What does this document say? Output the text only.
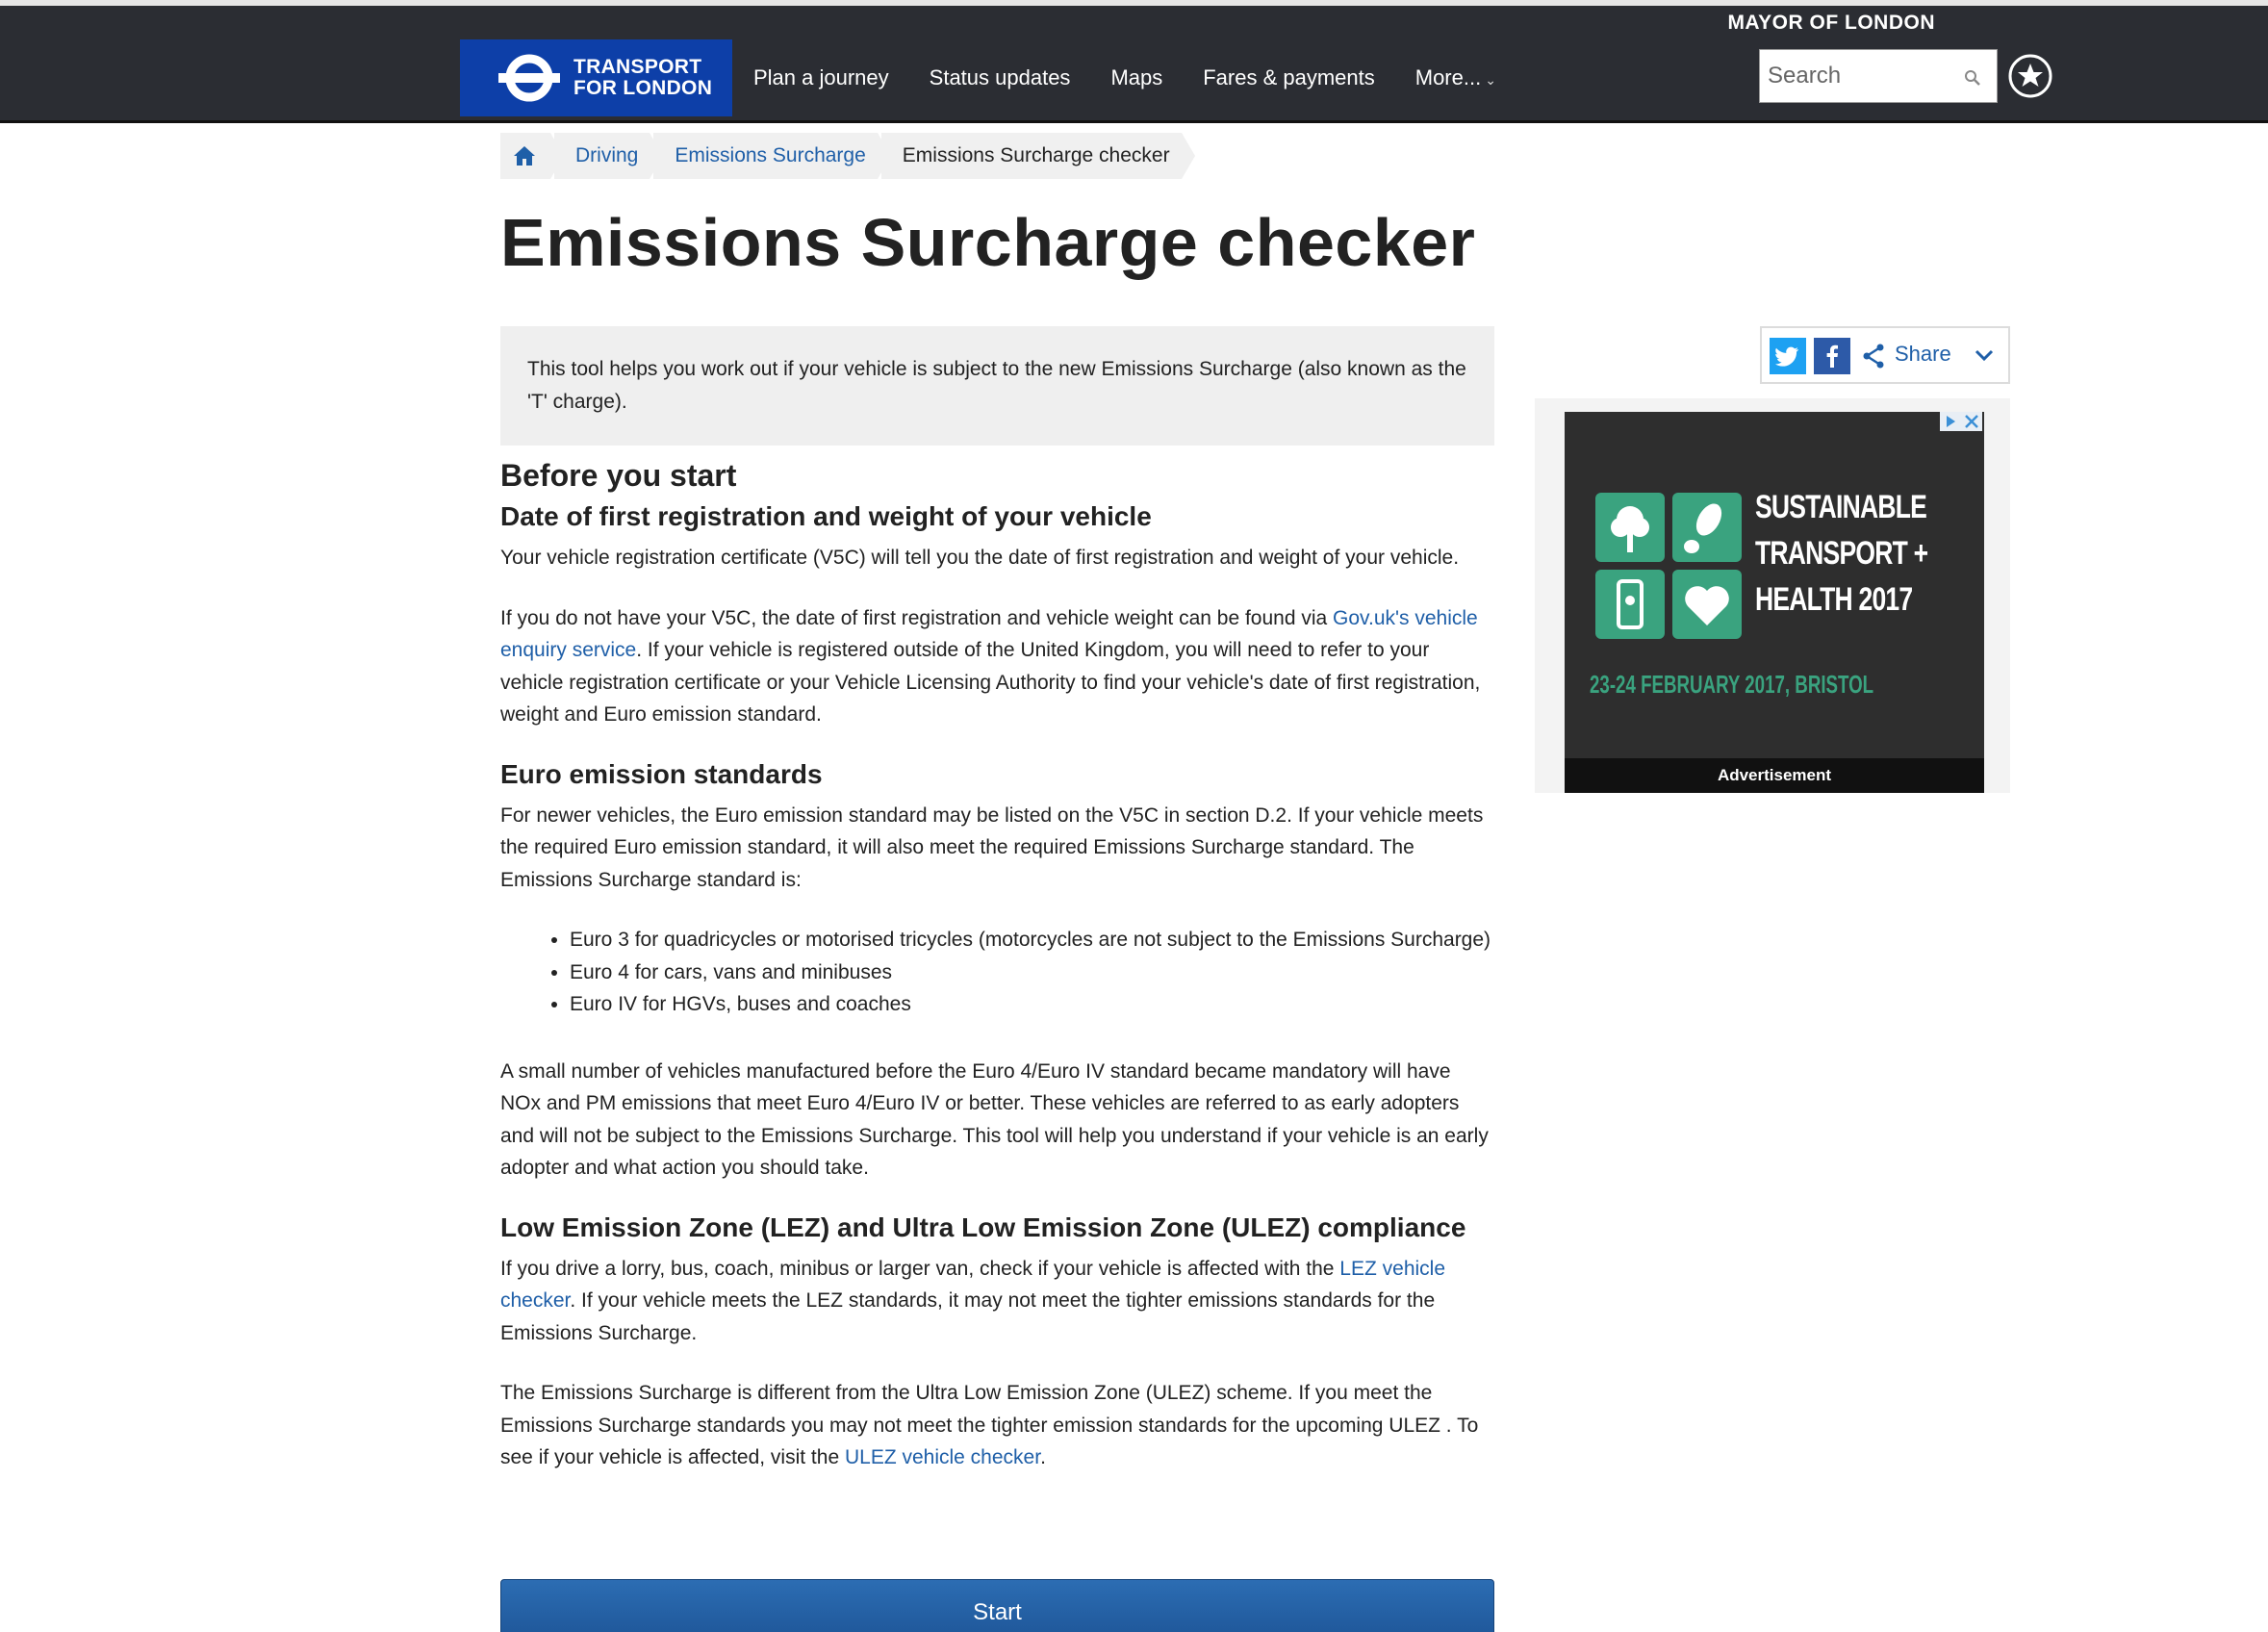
MAYOR OF LONDON
TRANSPORT
FOR LONDON Plan a journey Status updates Maps Fares & payments More... ⌄
Search
Driving	Emissions Surcharge	Emissions Surcharge checker
Emissions Surcharge checker
This tool helps you work out if your vehicle is subject to the new Emissions Surcharge (also known as the 'T' charge).
Before you start
Date of first registration and weight of your vehicle

Your vehicle registration certificate (V5C) will tell you the date of first registration and weight of your vehicle.

If you do not have your V5C, the date of first registration and vehicle weight can be found via Gov.uk's vehicle enquiry service. If your vehicle is registered outside of the United Kingdom, you will need to refer to your vehicle registration certificate or your Vehicle Licensing Authority to find your vehicle's date of first registration, weight and Euro emission standard.

Euro emission standards

For newer vehicles, the Euro emission standard may be listed on the V5C in section D.2. If your vehicle meets the required Euro emission standard, it will also meet the required Emissions Surcharge standard. The Emissions Surcharge standard is:

• Euro 3 for quadricycles or motorised tricycles (motorcycles are not subject to the Emissions Surcharge)
• Euro 4 for cars, vans and minibuses
• Euro IV for HGVs, buses and coaches

A small number of vehicles manufactured before the Euro 4/Euro IV standard became mandatory will have NOx and PM emissions that meet Euro 4/Euro IV or better. These vehicles are referred to as early adopters and will not be subject to the Emissions Surcharge. This tool will help you understand if your vehicle is an early adopter and what action you should take.

Low Emission Zone (LEZ) and Ultra Low Emission Zone (ULEZ) compliance

If you drive a lorry, bus, coach, minibus or larger van, check if your vehicle is affected with the LEZ vehicle checker. If your vehicle meets the LEZ standards, it may not meet the tighter emissions standards for the Emissions Surcharge.

The Emissions Surcharge is different from the Ultra Low Emission Zone (ULEZ) scheme. If you meet the Emissions Surcharge standards you may not meet the tighter emission standards for the upcoming ULEZ . To see if your vehicle is affected, visit the ULEZ vehicle checker.

Start
Share
SUSTAINABLE
TRANSPORT +
HEALTH 2017
23-24 FEBRUARY 2017, BRISTOL
Advertisement
